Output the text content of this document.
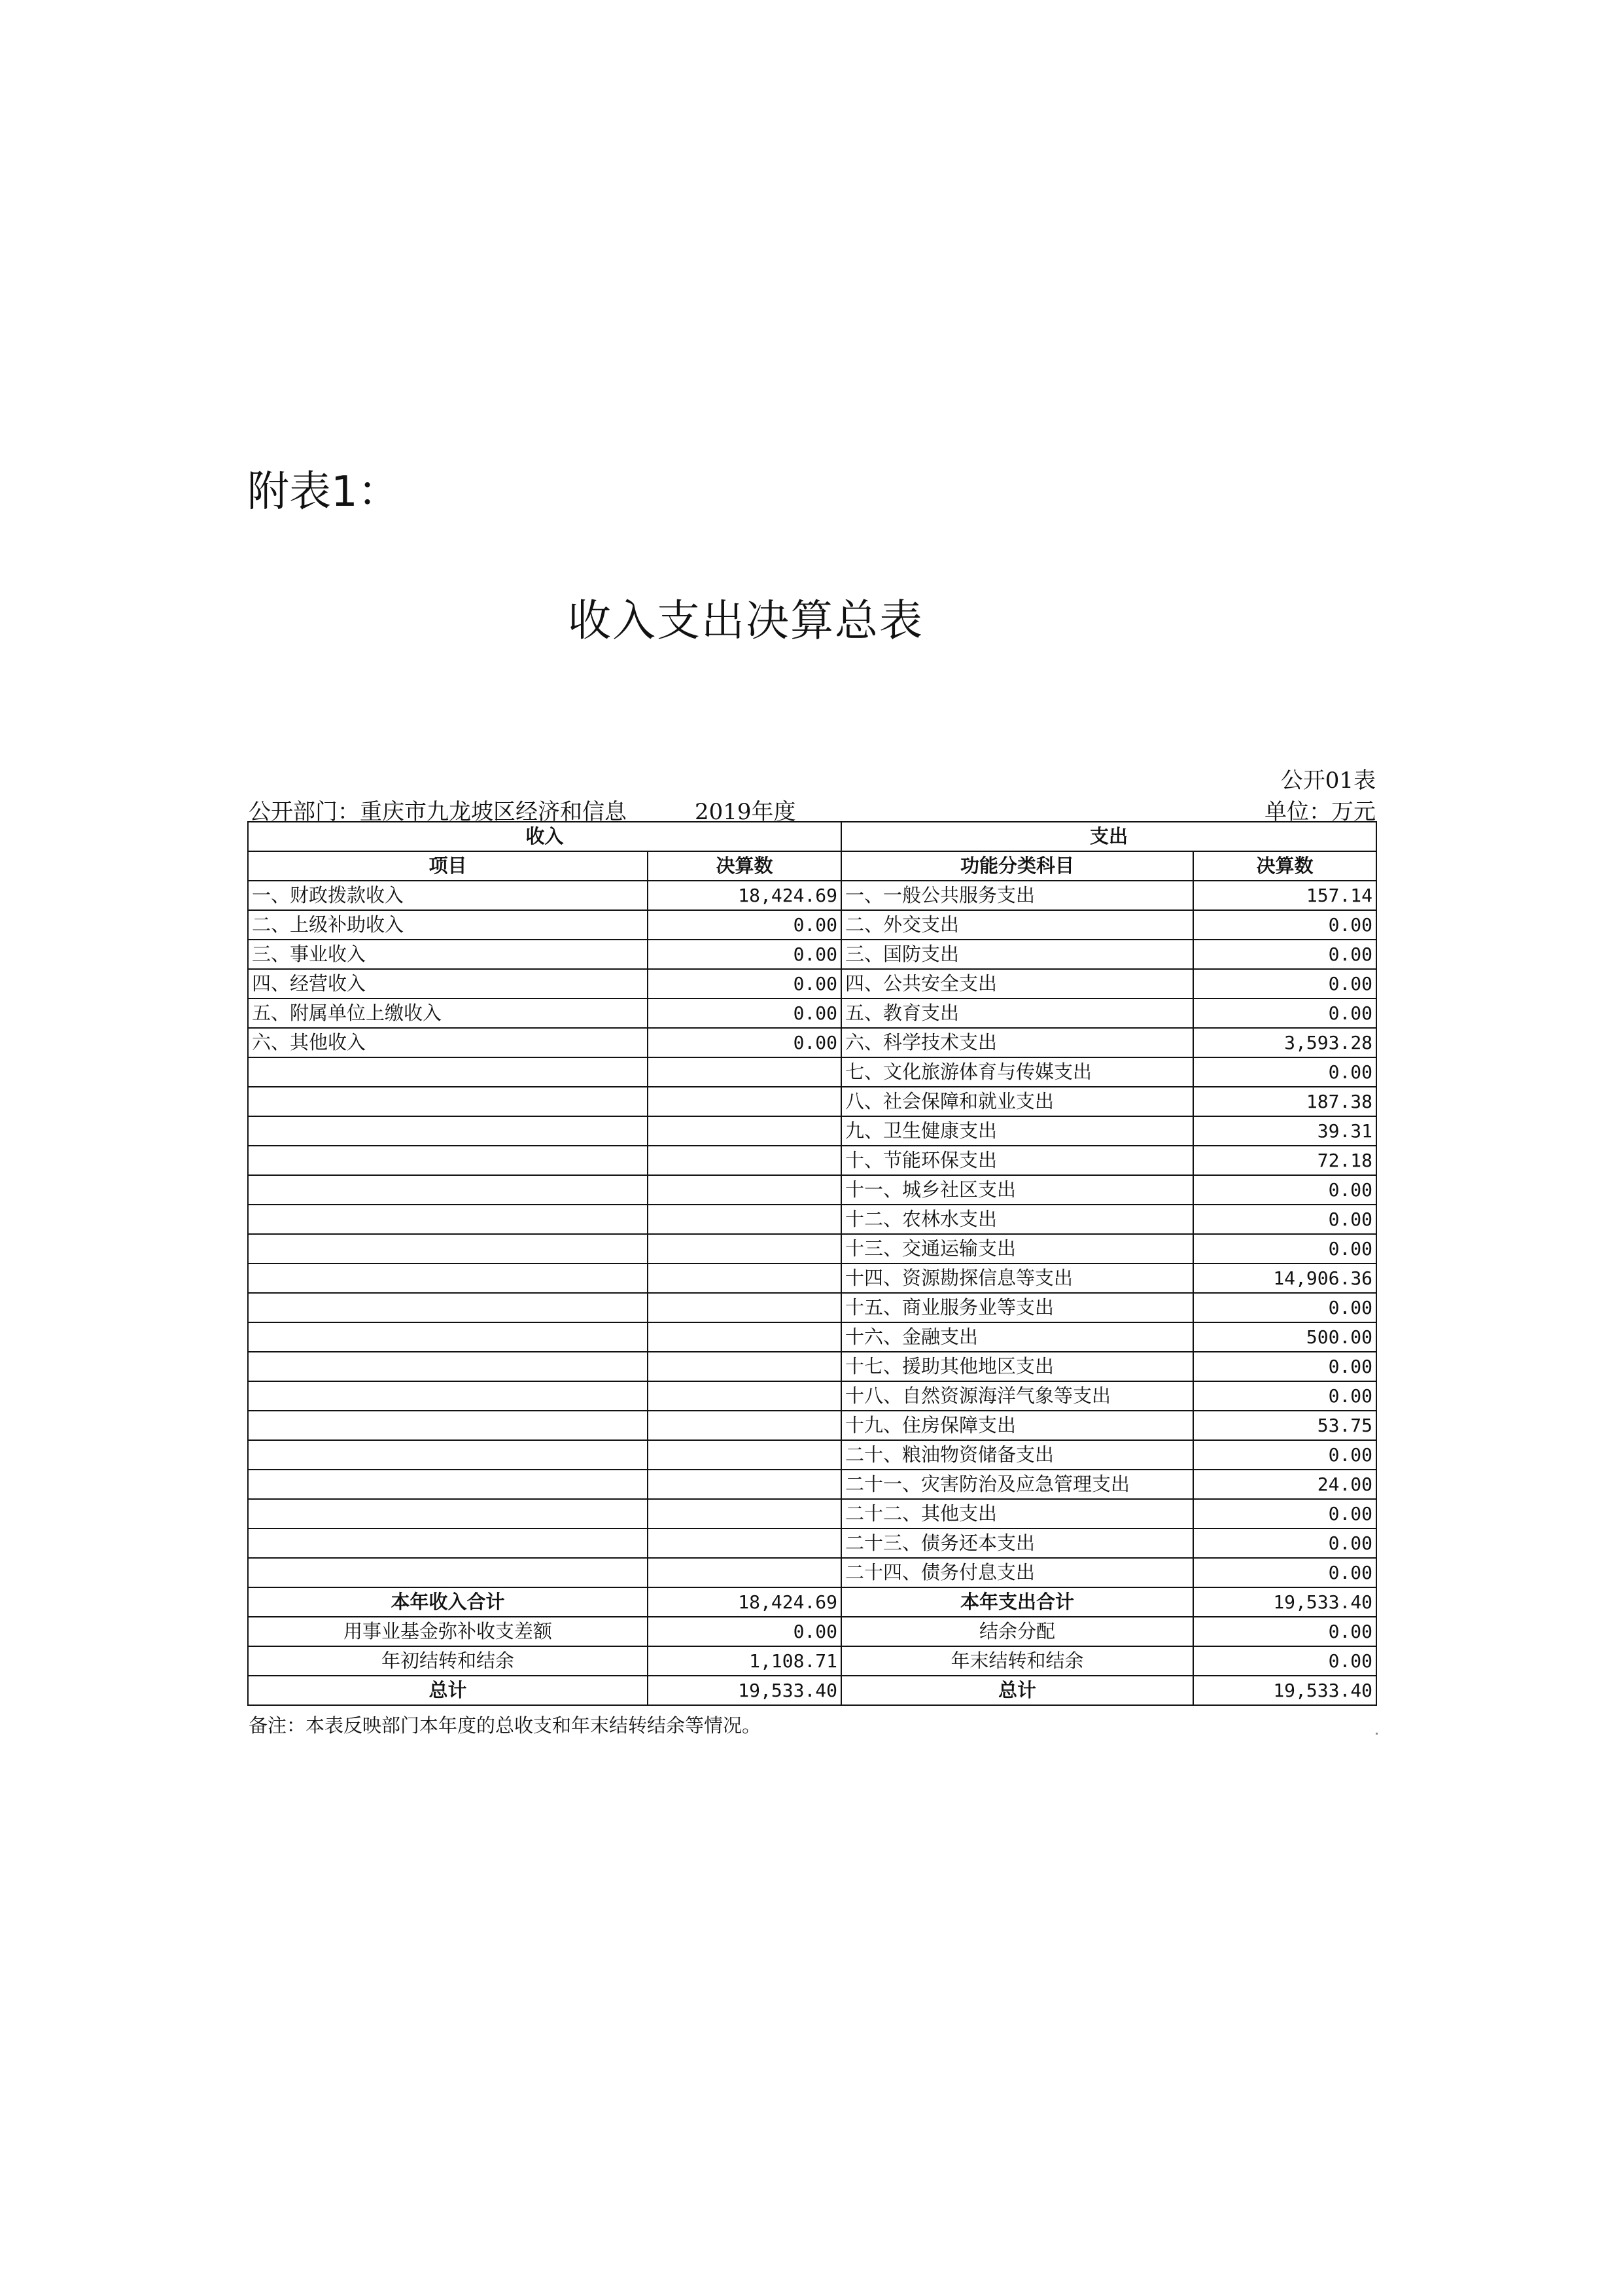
附表1：
收入支出决算总表
公开01表
公开部门：重庆市九龙坡区经济和信息	2019年度	单位：万元
收入		支出	
项目	决算数	功能分类科目	决算数
一、财政拨款收入	18,424.69	一、一般公共服务支出	157.14
二、上级补助收入	0.00	二、外交支出	0.00
三、事业收入	0.00	三、国防支出	0.00
四、经营收入	0.00	四、公共安全支出	0.00
五、附属单位上缴收入	0.00	五、教育支出	0.00
六、其他收入	0.00	六、科学技术支出	3,593.28
		七、文化旅游体育与传媒支出	0.00
		八、社会保障和就业支出	187.38
		九、卫生健康支出	39.31
		十、节能环保支出	72.18
		十一、城乡社区支出	0.00
		十二、农林水支出	0.00
		十三、交通运输支出	0.00
		十四、资源勘探信息等支出	14,906.36
		十五、商业服务业等支出	0.00
		十六、金融支出	500.00
		十七、援助其他地区支出	0.00
		十八、自然资源海洋气象等支出	0.00
		十九、住房保障支出	53.75
		二十、粮油物资储备支出	0.00
		二十一、灾害防治及应急管理支出	24.00
		二十二、其他支出	0.00
		二十三、债务还本支出	0.00
		二十四、债务付息支出	0.00
本年收入合计	18,424.69	本年支出合计	19,533.40
用事业基金弥补收支差额	0.00	结余分配	0.00
年初结转和结余	1,108.71	年末结转和结余	0.00
总计	19,533.40	总计	19,533.40
备注：本表反映部门本年度的总收支和年末结转结余等情况。
